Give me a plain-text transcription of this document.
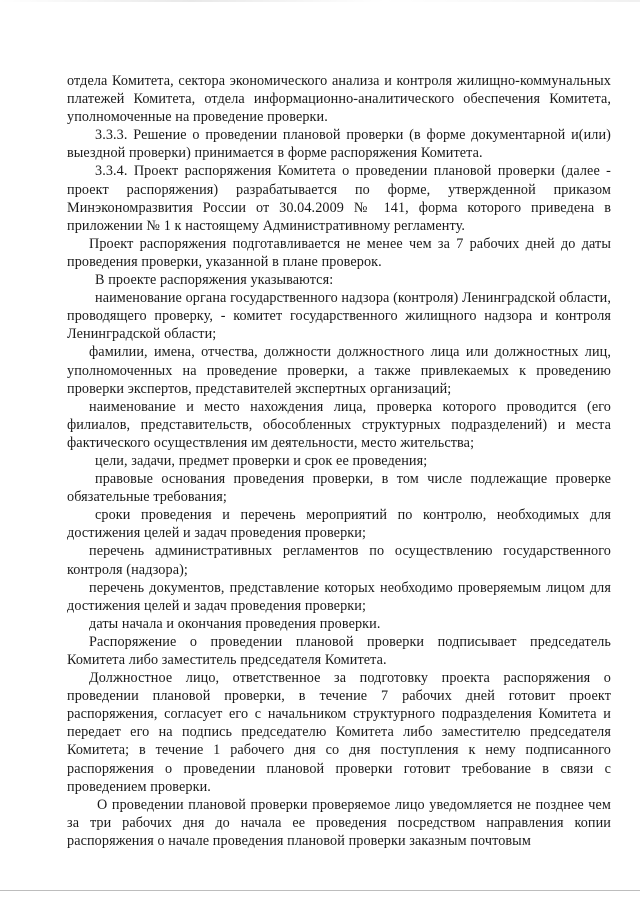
отдела Комитета, сектора экономического анализа и контроля жилищно-коммунальных платежей Комитета, отдела информационно-аналитического обеспечения Комитета, уполномоченные на проведение проверки.

3.3.3. Решение о проведении плановой проверки (в форме документарной и(или) выездной проверки) принимается в форме распоряжения Комитета.

3.3.4. Проект распоряжения Комитета о проведении плановой проверки (далее - проект распоряжения) разрабатывается по форме, утвержденной приказом Минэкономразвития России от 30.04.2009 № 141, форма которого приведена в приложении № 1 к настоящему Административному регламенту.

Проект распоряжения подготавливается не менее чем за 7 рабочих дней до даты проведения проверки, указанной в плане проверок.

В проекте распоряжения указываются:

наименование органа государственного надзора (контроля) Ленинградской области, проводящего проверку, - комитет государственного жилищного надзора и контроля Ленинградской области;

фамилии, имена, отчества, должности должностного лица или должностных лиц, уполномоченных на проведение проверки, а также привлекаемых к проведению проверки экспертов, представителей экспертных организаций;

наименование и место нахождения лица, проверка которого проводится (его филиалов, представительств, обособленных структурных подразделений) и места фактического осуществления им деятельности, место жительства;

цели, задачи, предмет проверки и срок ее проведения;

правовые основания проведения проверки, в том числе подлежащие проверке обязательные требования;

сроки проведения и перечень мероприятий по контролю, необходимых для достижения целей и задач проведения проверки;

перечень административных регламентов по осуществлению государственного контроля (надзора);

перечень документов, представление которых необходимо проверяемым лицом для достижения целей и задач проведения проверки;

даты начала и окончания проведения проверки.

Распоряжение о проведении плановой проверки подписывает председатель Комитета либо заместитель председателя Комитета.

Должностное лицо, ответственное за подготовку проекта распоряжения о проведении плановой проверки, в течение 7 рабочих дней готовит проект распоряжения, согласует его с начальником структурного подразделения Комитета и передает его на подпись председателю Комитета либо заместителю председателя Комитета; в течение 1 рабочего дня со дня поступления к нему подписанного распоряжения о проведении плановой проверки готовит требование в связи с проведением проверки.

О проведении плановой проверки проверяемое лицо уведомляется не позднее чем за три рабочих дня до начала ее проведения посредством направления копии распоряжения о начале проведения плановой проверки заказным почтовым
